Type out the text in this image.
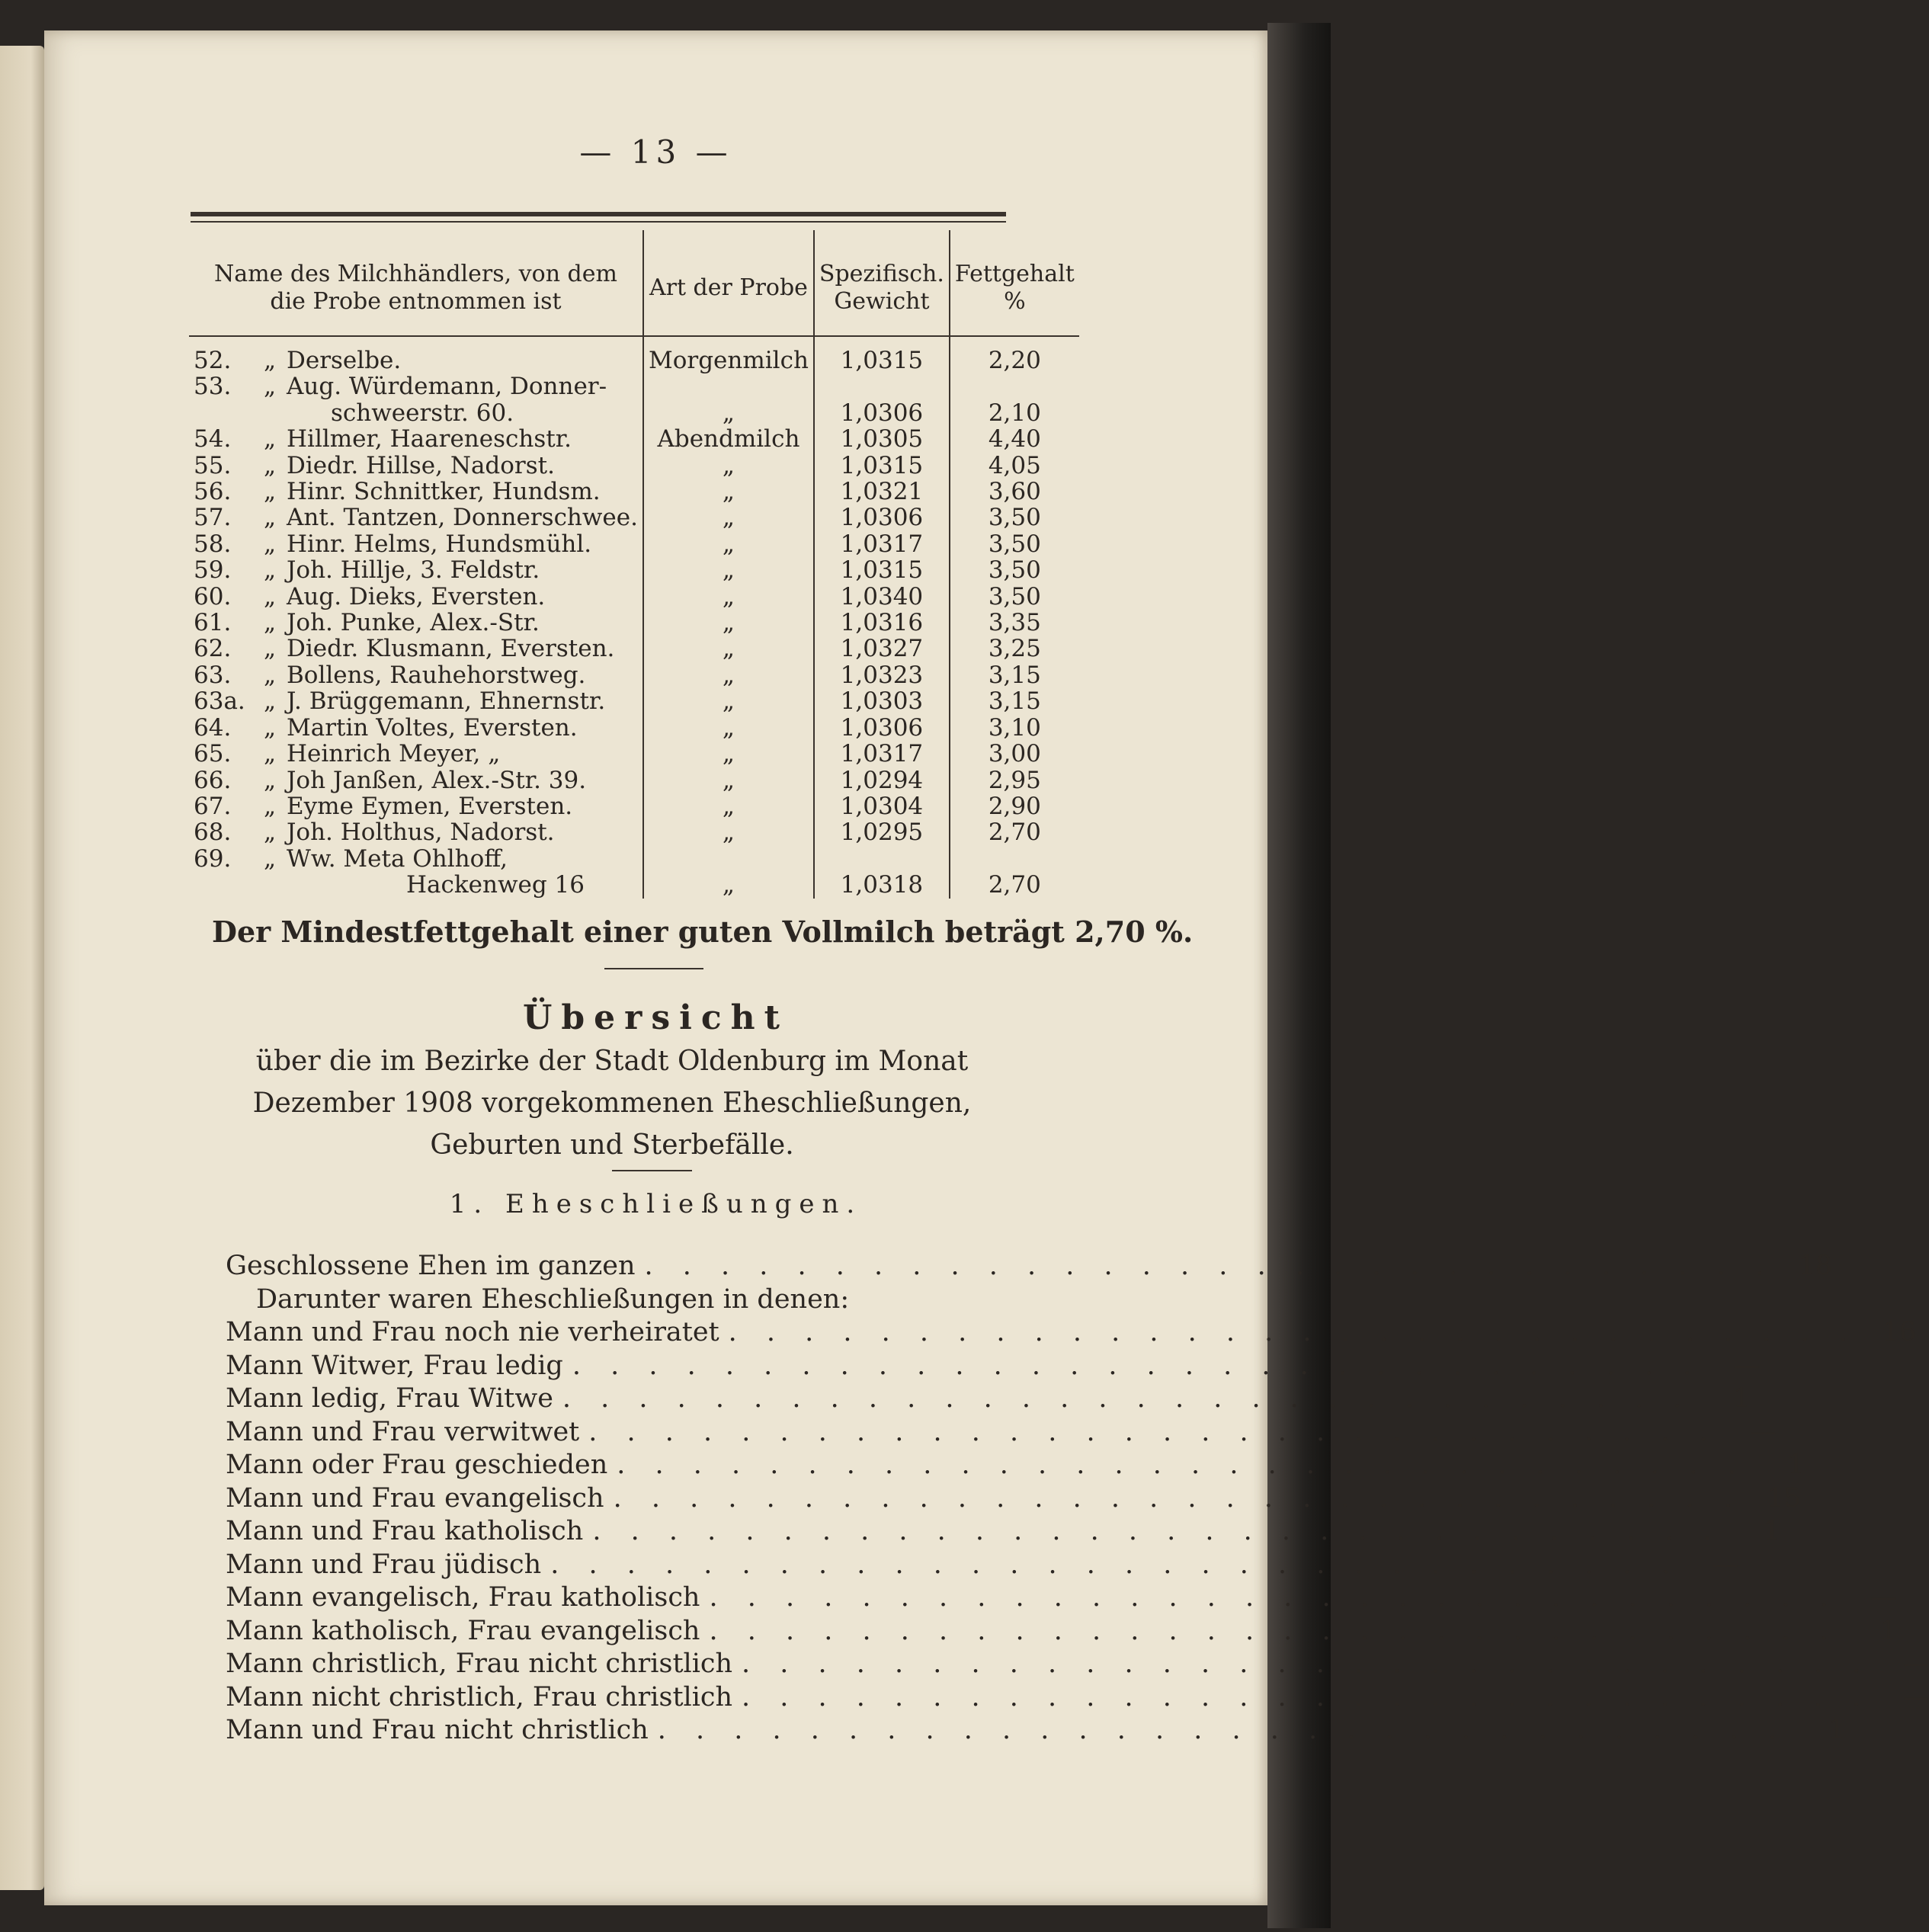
— 13 —
Name des Milchhändlers, von dem die Probe entnommen ist	Art der Probe	Spezifisch. Gewicht	Fettgehalt %
52. „ Derselbe.	Morgenmilch	1,0315	2,20
53. „ Aug. Würdemann, Donner-
schweerstr. 60.	„	1,0306	2,10
54. „ Hillmer, Haareneschstr.	Abendmilch	1,0305	4,40
55. „ Diedr. Hillse, Nadorst.	„	1,0315	4,05
56. „ Hinr. Schnittker, Hundsm.	„	1,0321	3,60
57. „ Ant. Tantzen, Donnerschwee.	„	1,0306	3,50
58. „ Hinr. Helms, Hundsmühl.	„	1,0317	3,50
59. „ Joh. Hillje, 3. Feldstr.	„	1,0315	3,50
60. „ Aug. Dieks, Eversten.	„	1,0340	3,50
61. „ Joh. Punke, Alex.-Str.	„	1,0316	3,35
62. „ Diedr. Klusmann, Eversten.	„	1,0327	3,25
63. „ Bollens, Rauhehorstweg.	„	1,0323	3,15
63a. „ J. Brüggemann, Ehnernstr.	„	1,0303	3,15
64. „ Martin Voltes, Eversten.	„	1,0306	3,10
65. „ Heinrich Meyer, „	„	1,0317	3,00
66. „ Joh Janßen, Alex.-Str. 39.	„	1,0294	2,95
67. „ Eyme Eymen, Eversten.	„	1,0304	2,90
68. „ Joh. Holthus, Nadorst.	„	1,0295	2,70
69. „ Ww. Meta Ohlhoff,
Hackenweg 16	„	1,0318	2,70
Der Mindestfettgehalt einer guten Vollmilch beträgt 2,70 %.
Übersicht
über die im Bezirke der Stadt Oldenburg im Monat
Dezember 1908 vorgekommenen Eheschließungen,
Geburten und Sterbefälle.
1. Eheschließungen.
Geschlossene Ehen im ganzen . . . . . . . . . . . . . . . . . . . . . . . . . . . . . . 18
Darunter waren Eheschließungen in denen:
Mann und Frau noch nie verheiratet . . . . . . . . . . . . . . . . . . . . . . . . . . . . . . 16
Mann Witwer, Frau ledig . . . . . . . . . . . . . . . . . . . . . . . . . . . . . .	—
Mann ledig, Frau Witwe . . . . . . . . . . . . . . . . . . . . . . . . . . . . . .	1
Mann und Frau verwitwet . . . . . . . . . . . . . . . . . . . . . . . . . . . . . .	—
Mann oder Frau geschieden . . . . . . . . . . . . . . . . . . . . . . . . . . . . . .	1
Mann und Frau evangelisch . . . . . . . . . . . . . . . . . . . . . . . . . . . . . . 15
Mann und Frau katholisch . . . . . . . . . . . . . . . . . . . . . . . . . . . . . .	1
Mann und Frau jüdisch . . . . . . . . . . . . . . . . . . . . . . . . . . . . . .	—
Mann evangelisch, Frau katholisch . . . . . . . . . . . . . . . . . . . . . . . . . . . . . .	—
Mann katholisch, Frau evangelisch . . . . . . . . . . . . . . . . . . . . . . . . . . . . . .	1
Mann christlich, Frau nicht christlich . . . . . . . . . . . . . . . . . . . . . . . . . . . . . .	—
Mann nicht christlich, Frau christlich . . . . . . . . . . . . . . . . . . . . . . . . . . . . . .	—
Mann und Frau nicht christlich . . . . . . . . . . . . . . . . . . . . . . . . . . . . . .	1
